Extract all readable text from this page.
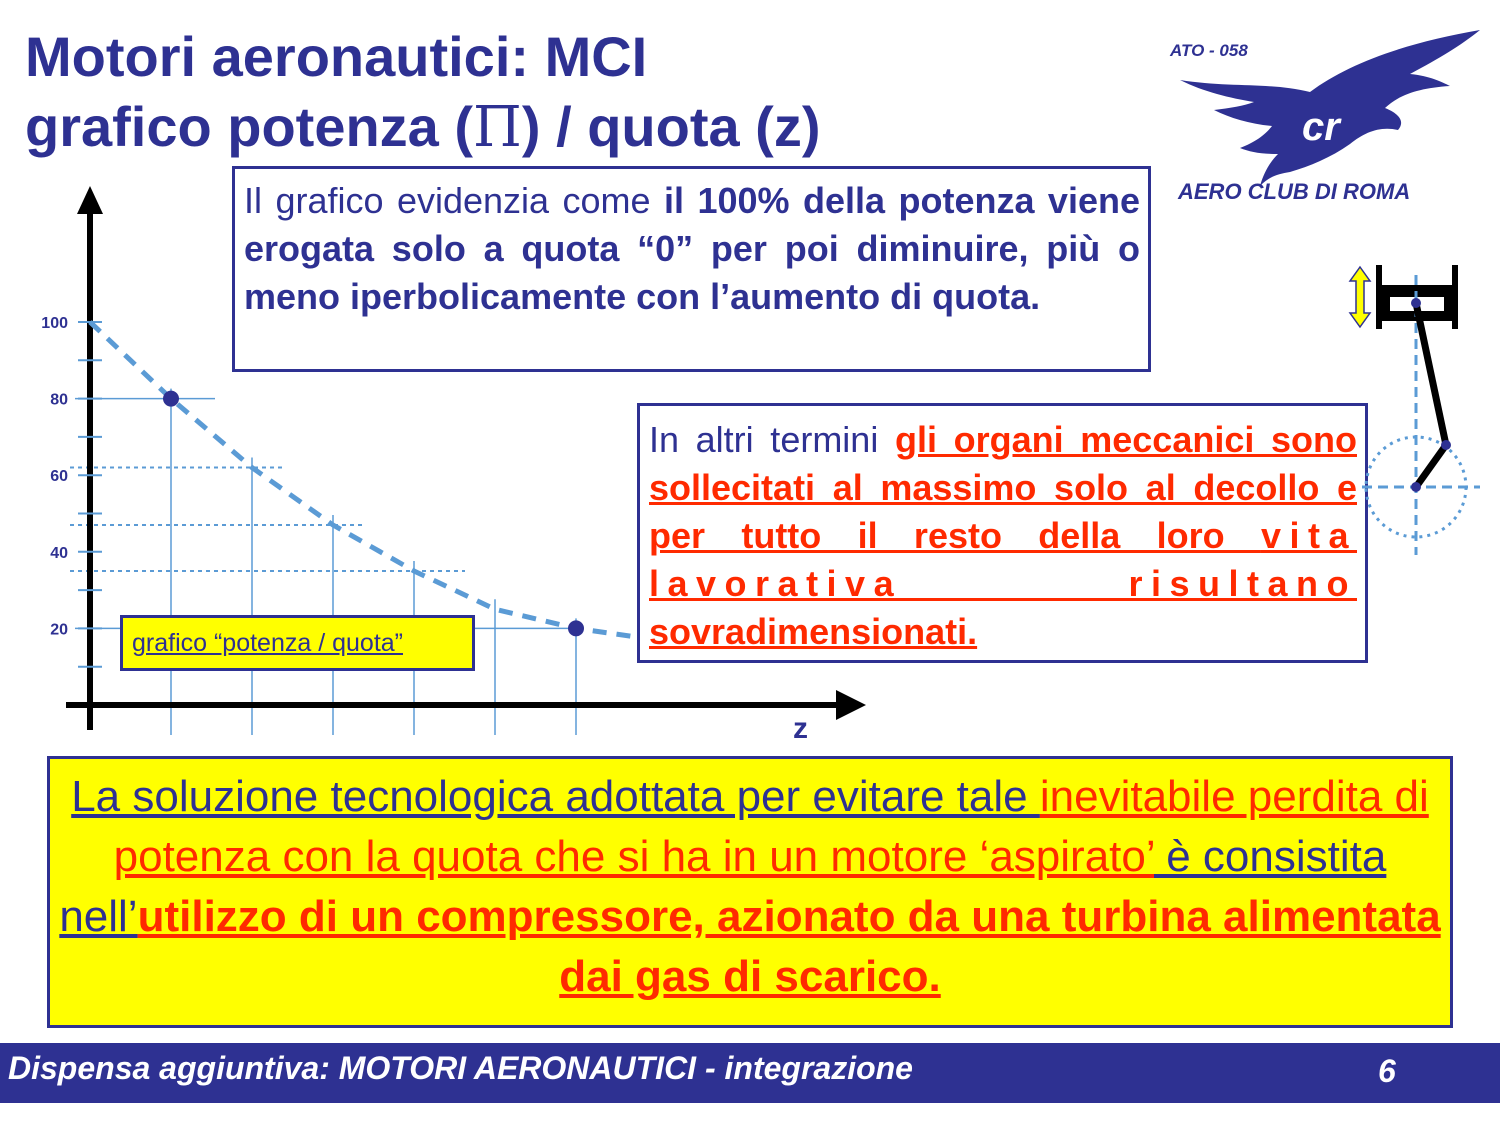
Motori aeronautici: MCI
grafico potenza (Π) / quota (z)
ATO - 058
cr
AERO CLUB DI ROMA
100
80
60
40
20	grafico “potenza / quota”
z
Il grafico evidenzia come il 100% della potenza viene erogata solo a quota “0” per poi diminuire, più o meno iperbolicamente con l’aumento di quota.
In altri termini gli organi meccanici sono sollecitati al massimo solo al decollo e per tutto il resto della loro vita lavorativa risultano sovradimensionati.
La soluzione tecnologica adottata per evitare tale inevitabile perdita di potenza con la quota che si ha in un motore ‘aspirato’ è consistita nell’utilizzo di un compressore, azionato da una turbina alimentata dai gas di scarico.
Dispensa aggiuntiva: MOTORI AERONAUTICI - integrazione	6
